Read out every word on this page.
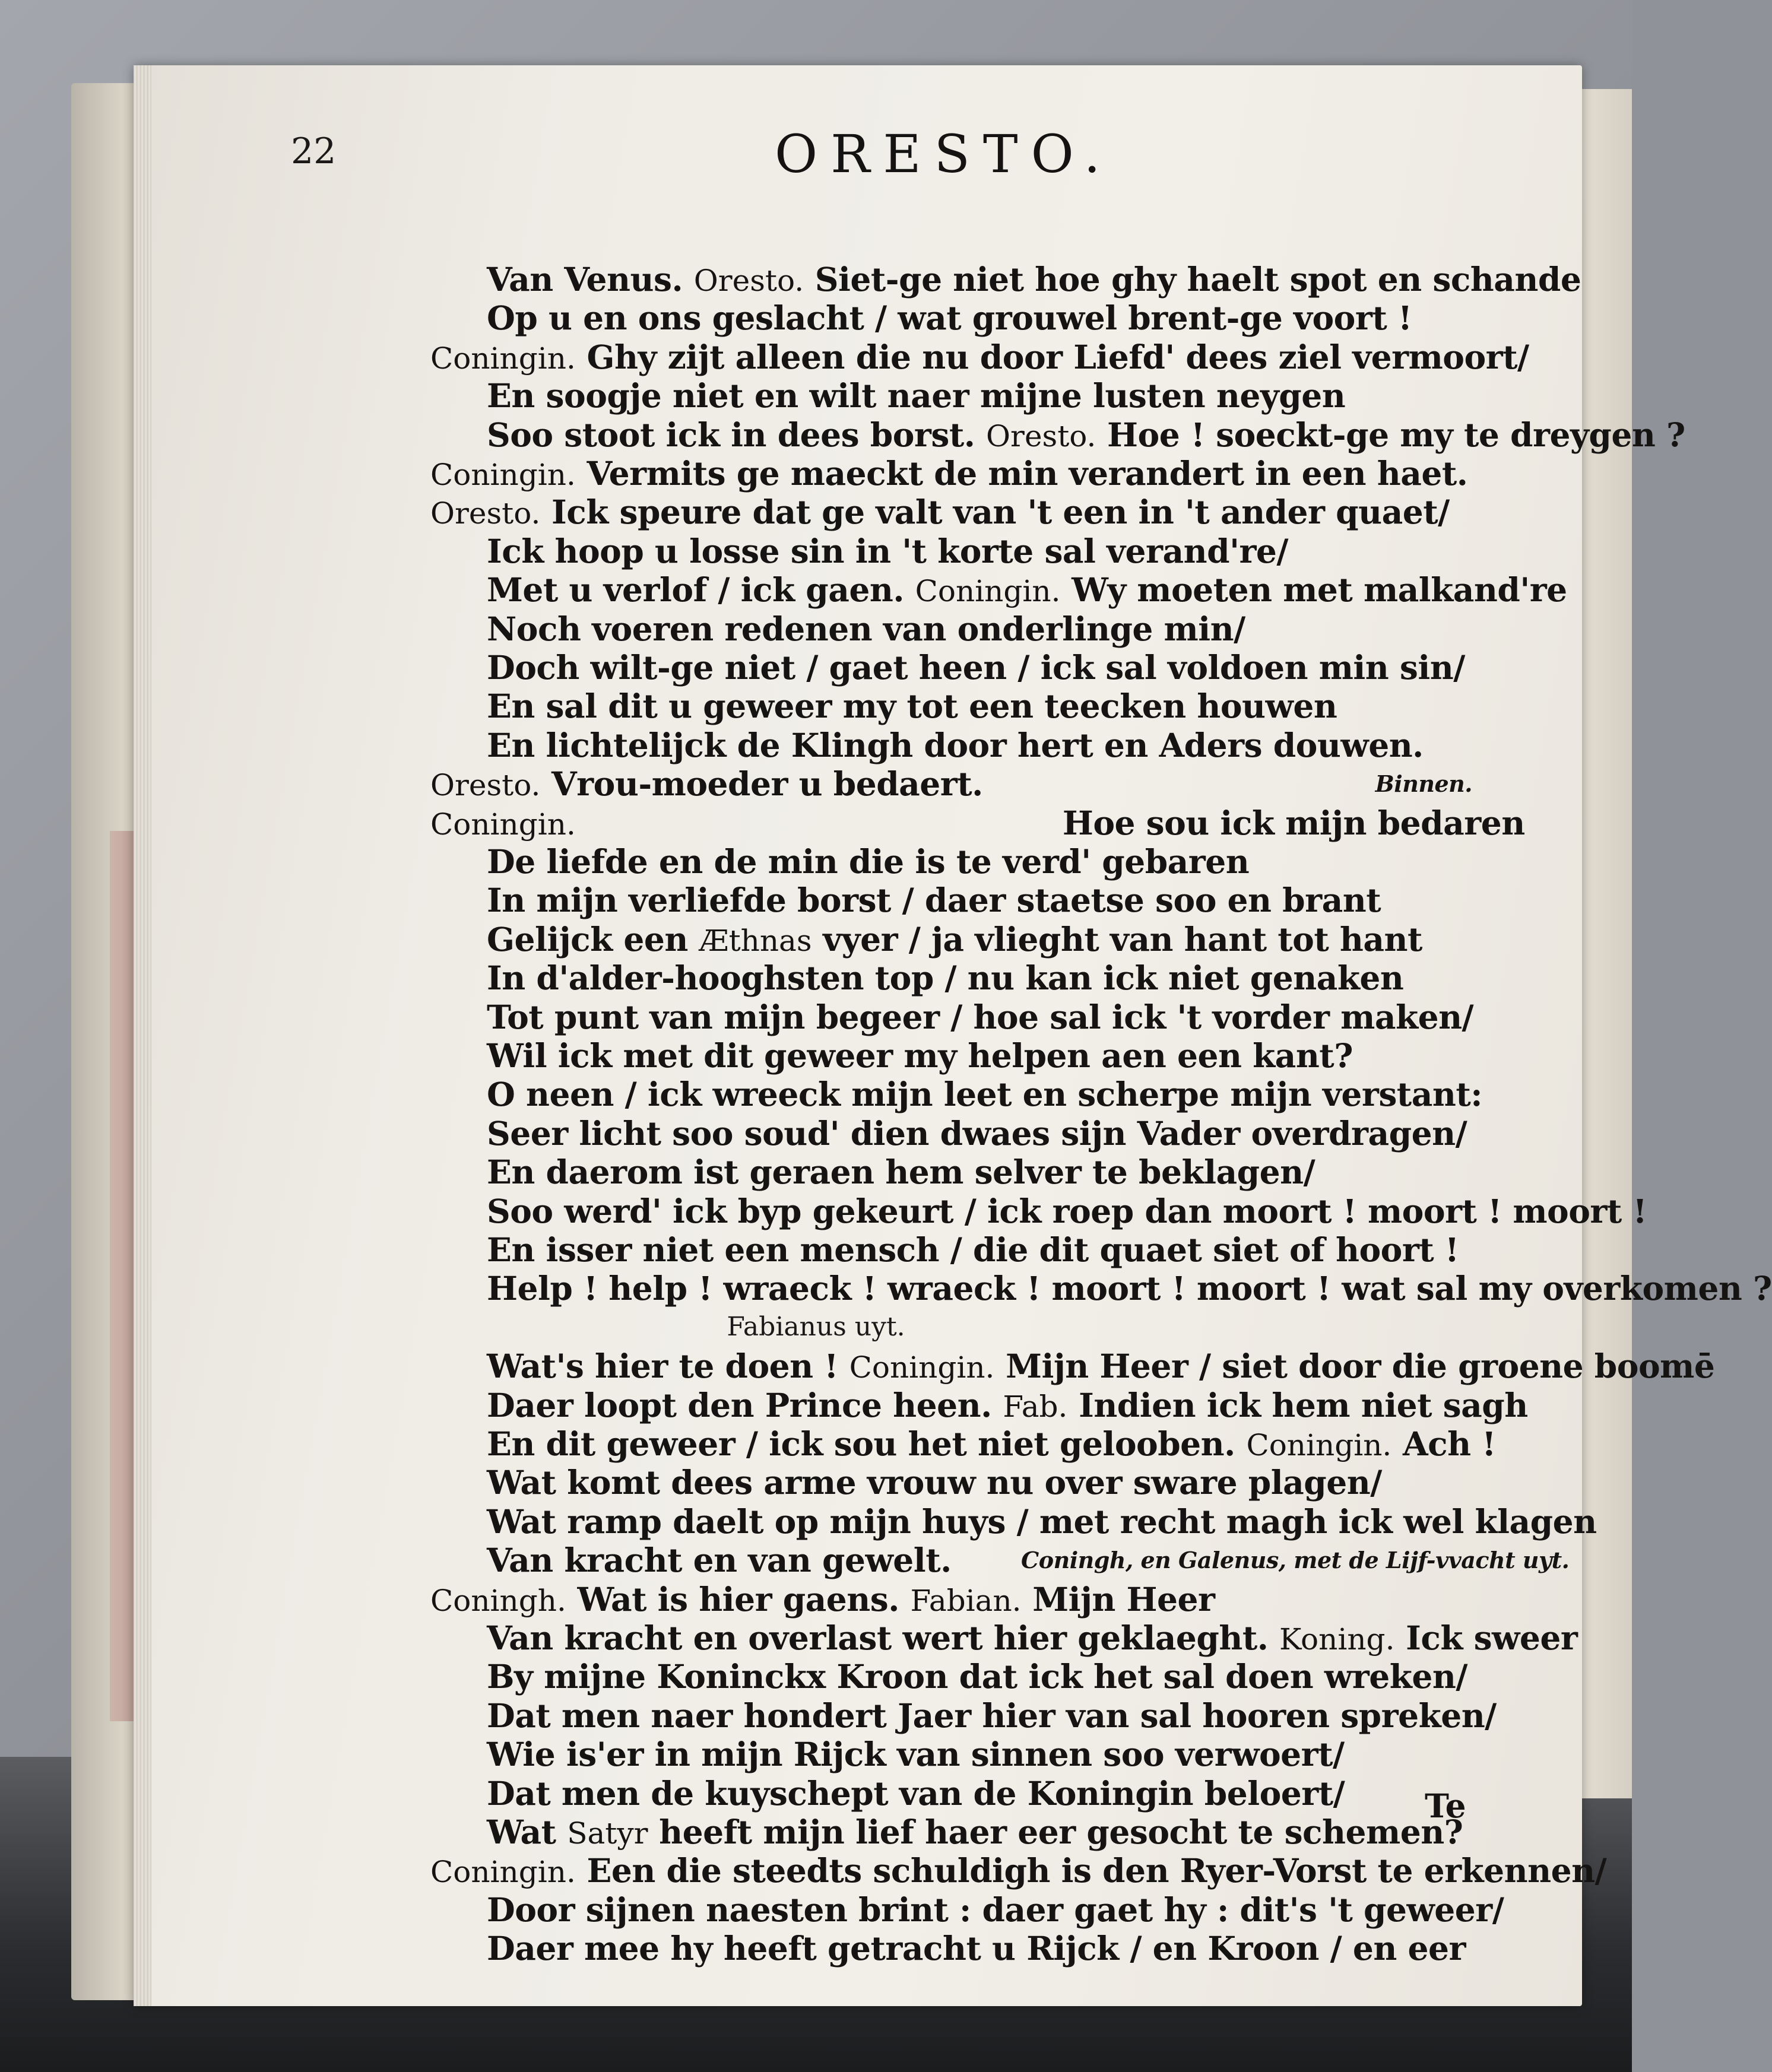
22	ORESTO.
Van Venus. Oresto. Siet-ge niet hoe ghy haelt spot en schande
Op u en ons geslacht / wat grouwel brent-ge voort !
Coningin. Ghy zijt alleen die nu door Liefd' dees ziel vermoort/
En soogje niet en wilt naer mijne lusten neygen
Soo stoot ick in dees borst. Oresto. Hoe ! soeckt-ge my te dreygen ?
Coningin. Vermits ge maeckt de min verandert in een haet.
Oresto. Ick speure dat ge valt van 't een in 't ander quaet/
Ick hoop u losse sin in 't korte sal verand're/
Met u verlof / ick gaen. Coningin. Wy moeten met malkand're
Noch voeren redenen van onderlinge min/
Doch wilt-ge niet / gaet heen / ick sal voldoen min sin/
En sal dit u geweer my tot een teecken houwen
En lichtelijck de Klingh door hert en Aders douwen.
Oresto. Vrou-moeder u bedaert.	Binnen.
Coningin.	Hoe sou ick mijn bedaren
De liefde en de min die is te verd' gebaren
In mijn verliefde borst / daer staetse soo en brant
Gelijck een Æthnas vyer / ja vlieght van hant tot hant
In d'alder-hooghsten top / nu kan ick niet genaken
Tot punt van mijn begeer / hoe sal ick 't vorder maken/
Wil ick met dit geweer my helpen aen een kant?
O neen / ick wreeck mijn leet en scherpe mijn verstant:
Seer licht soo soud' dien dwaes sijn Vader overdragen/
En daerom ist geraen hem selver te beklagen/
Soo werd' ick byp gekeurt / ick roep dan moort ! moort ! moort !
En isser niet een mensch / die dit quaet siet of hoort !
Help ! help ! wraeck ! wraeck ! moort ! moort ! wat sal my overkomen ?
Fabianus uyt.
Wat's hier te doen ! Coningin. Mijn Heer / siet door die groene boomē
Daer loopt den Prince heen. Fab. Indien ick hem niet sagh
En dit geweer / ick sou het niet gelooben. Coningin. Ach !
Wat komt dees arme vrouw nu over sware plagen/
Wat ramp daelt op mijn huys / met recht magh ick wel klagen
Van kracht en van gewelt.	Coningh, en Galenus, met de Lijf-vvacht uyt.
Coningh. Wat is hier gaens. Fabian. Mijn Heer
Van kracht en overlast wert hier geklaeght. Koning. Ick sweer
By mijne Koninckx Kroon dat ick het sal doen wreken/
Dat men naer hondert Jaer hier van sal hooren spreken/
Wie is'er in mijn Rijck van sinnen soo verwoert/
Dat men de kuyschept van de Koningin beloert/
Wat Satyr heeft mijn lief haer eer gesocht te schemen?
Coningin. Een die steedts schuldigh is den Ryer-Vorst te erkennen/
Door sijnen naesten brint : daer gaet hy : dit's 't geweer/
Daer mee hy heeft getracht u Rijck / en Kroon / en eer
Te
